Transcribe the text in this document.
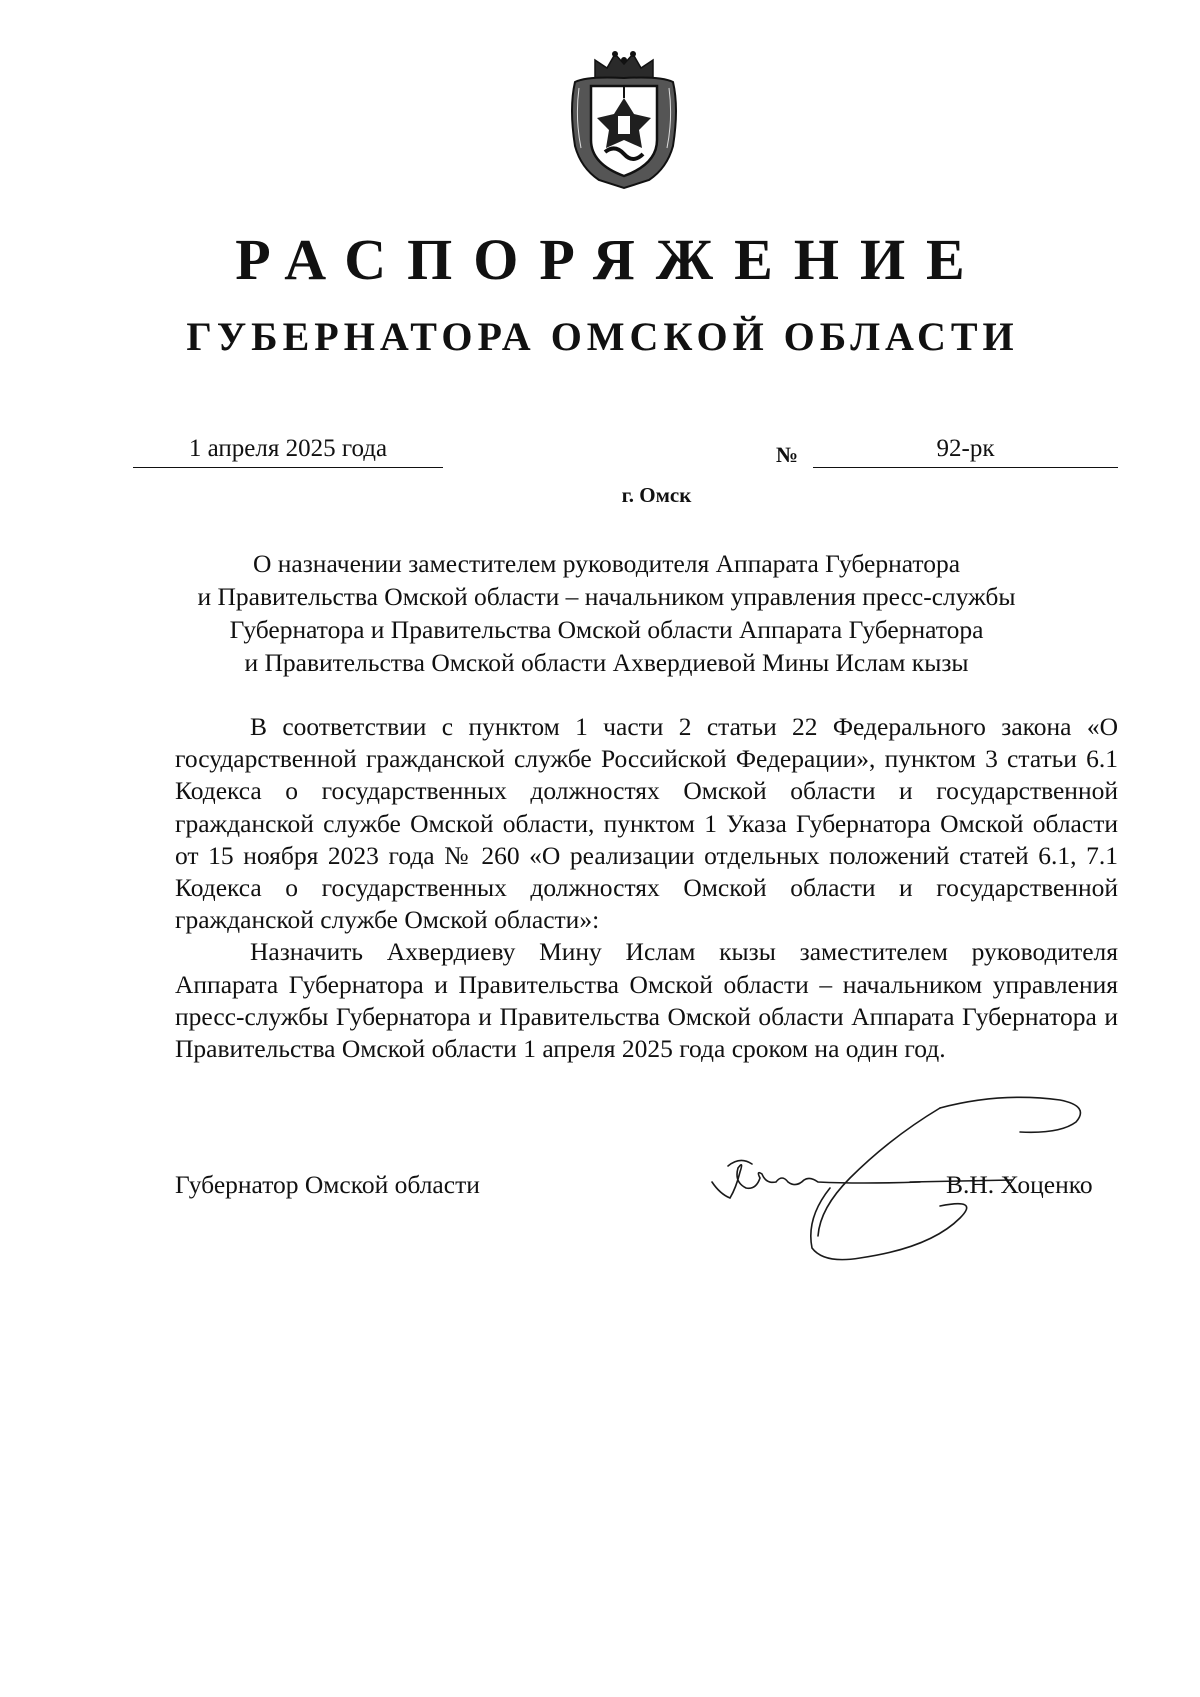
РАСПОРЯЖЕНИЕ
ГУБЕРНАТОРА ОМСКОЙ ОБЛАСТИ
1 апреля 2025 года	№	92-рк
г. Омск
О назначении заместителем руководителя Аппарата Губернатора
и Правительства Омской области – начальником управления пресс-службы
Губернатора и Правительства Омской области Аппарата Губернатора
и Правительства Омской области Ахвердиевой Мины Ислам кызы

В соответствии с пунктом 1 части 2 статьи 22 Федерального закона «О государственной гражданской службе Российской Федерации», пунктом 3 статьи 6.1 Кодекса о государственных должностях Омской области и государственной гражданской службе Омской области, пунктом 1 Указа Губернатора Омской области от 15 ноября 2023 года № 260 «О реализации отдельных положений статей 6.1, 7.1 Кодекса о государственных должностях Омской области и государственной гражданской службе Омской области»:

Назначить Ахвердиеву Мину Ислам кызы заместителем руководителя Аппарата Губернатора и Правительства Омской области – начальником управления пресс-службы Губернатора и Правительства Омской области Аппарата Губернатора и Правительства Омской области 1 апреля 2025 года сроком на один год.

Губернатор Омской области	В.Н. Хоценко
